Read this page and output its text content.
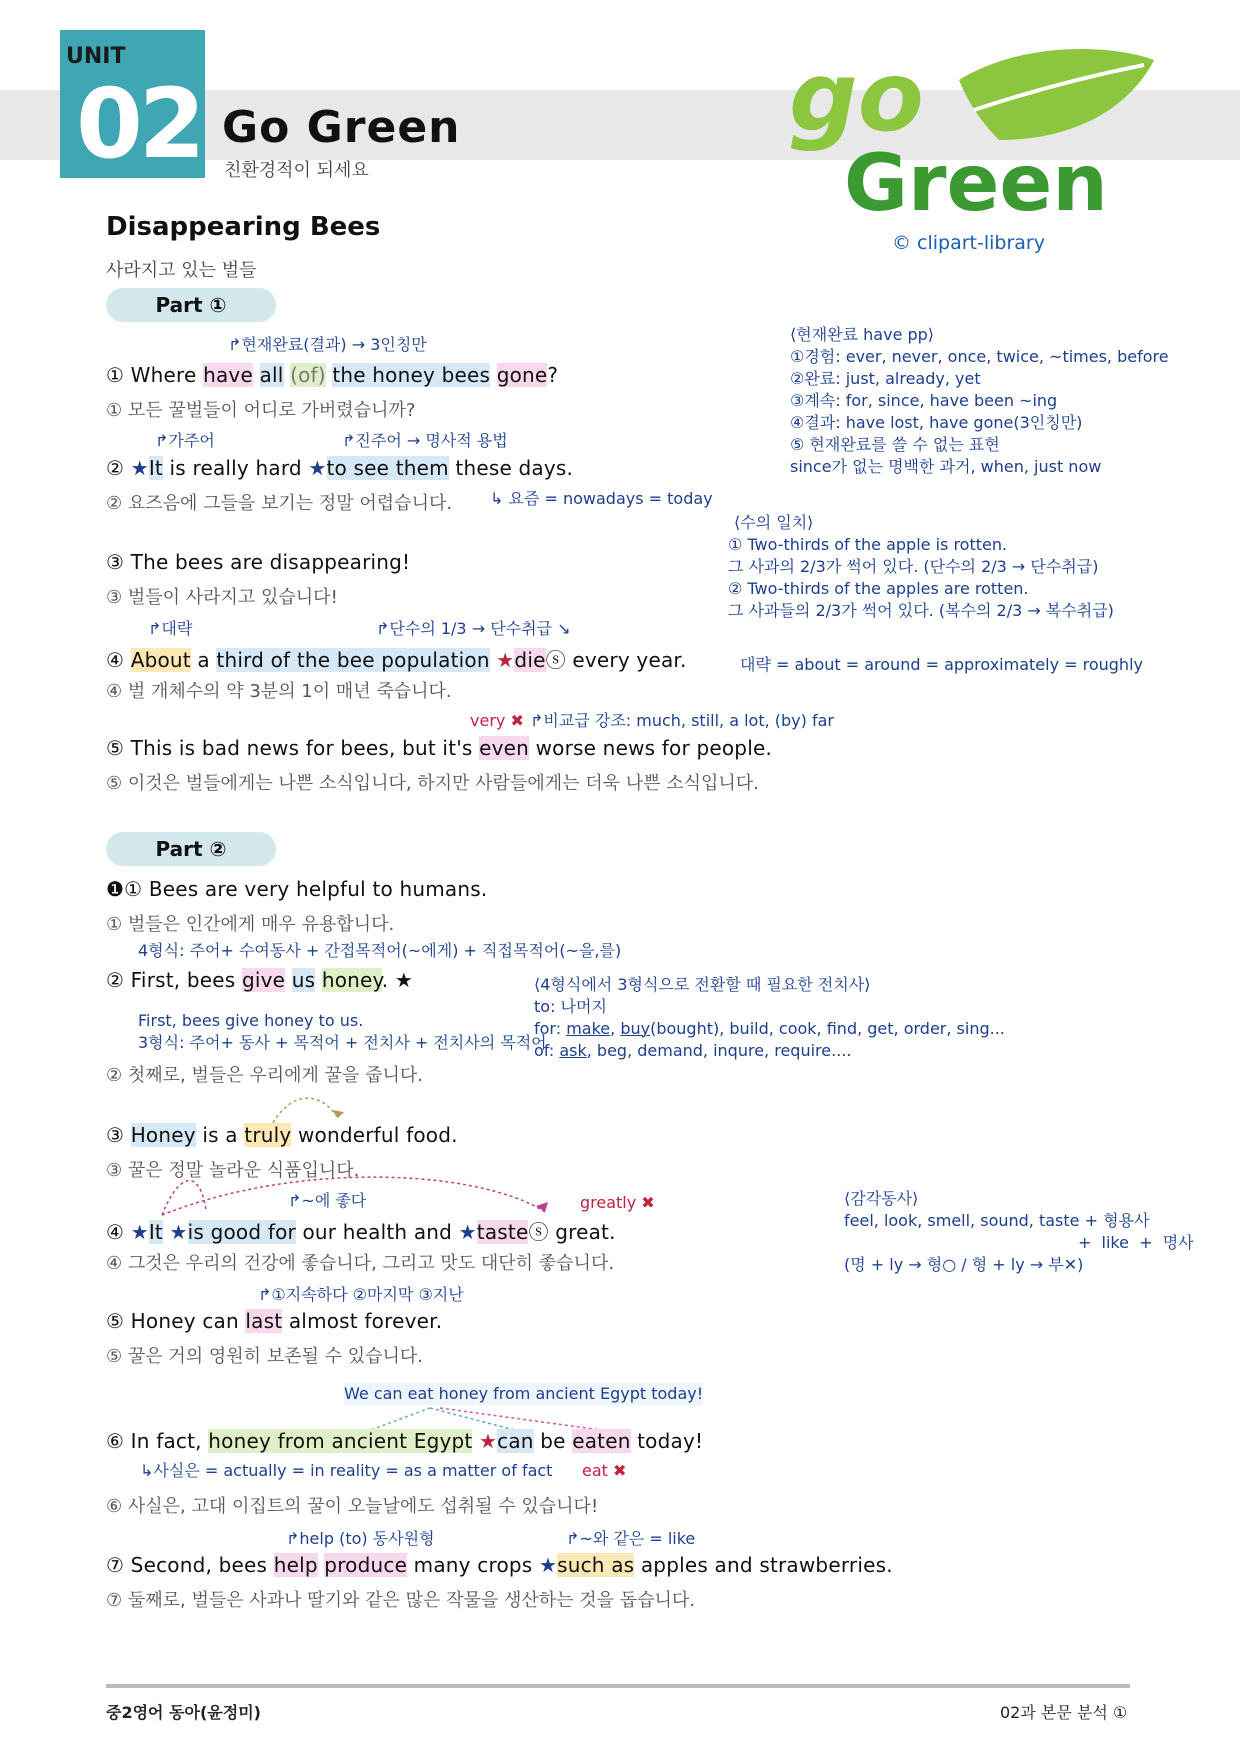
UNIT
02 Go Green
친환경적이 되세요
go
Green
© clipart-library
Disappearing Bees
사라지고 있는 벌들
Part ①
↱현재완료(결과) → 3인칭만
① Where have all (of) the honey bees gone?
① 모든 꿀벌들이 어디로 가버렸습니까?
↱가주어	↱진주어 → 명사적 용법
② ★It is really hard ★to see them these days.
② 요즈음에 그들을 보기는 정말 어렵습니다. ↳ 요즘 = nowadays = today
③ The bees are disappearing!
③ 벌들이 사라지고 있습니다!
↱대략	↱단수의 1/3 → 단수취급 ↘
④ About a third of the bee population ★dieⓢ every year.
④ 벌 개체수의 약 3분의 1이 매년 죽습니다.
very ✖ ↱비교급 강조: much, still, a lot, (by) far
⑤ This is bad news for bees, but it's even worse news for people.
⑤ 이것은 벌들에게는 나쁜 소식입니다, 하지만 사람들에게는 더욱 나쁜 소식입니다.
⟨현재완료 have pp⟩
①경험: ever, never, once, twice, ~times, before
②완료: just, already, yet
③계속: for, since, have been ~ing
④결과: have lost, have gone(3인칭만)
⑤ 현재완료를 쓸 수 없는 표현
since가 없는 명백한 과거, when, just now
⟨수의 일치⟩
① Two-thirds of the apple is rotten.
그 사과의 2/3가 썩어 있다. (단수의 2/3 → 단수취급)
② Two-thirds of the apples are rotten.
그 사과들의 2/3가 썩어 있다. (복수의 2/3 → 복수취급)
대략 = about = around = approximately = roughly
Part ②
❶① Bees are very helpful to humans.
① 벌들은 인간에게 매우 유용합니다.
4형식: 주어+ 수여동사 + 간접목적어(~에게) + 직접목적어(~을,를)
② First, bees give us honey. ★
First, bees give honey to us.
3형식: 주어+ 동사 + 목적어 + 전치사 + 전치사의 목적어
② 첫째로, 벌들은 우리에게 꿀을 줍니다.
⟨4형식에서 3형식으로 전환할 때 필요한 전치사⟩
to: 나머지
for: make, buy(bought), build, cook, find, get, order, sing...
of: ask, beg, demand, inqure, require....
③ Honey is a truly wonderful food.
③ 꿀은 정말 놀라운 식품입니다.
↱~에 좋다	greatly ✖
④ ★It ★is good for our health and ★tasteⓢ great.
④ 그것은 우리의 건강에 좋습니다, 그리고 맛도 대단히 좋습니다.
⟨감각동사⟩
feel, look, smell, sound, taste + 형용사
+  like  +  명사
(명 + ly → 형○ / 형 + ly → 부✕)
↱①지속하다 ②마지막 ③지난
⑤ Honey can last almost forever.
⑤ 꿀은 거의 영원히 보존될 수 있습니다.
We can eat honey from ancient Egypt today!
⑥ In fact, honey from ancient Egypt ★can be eaten today!
↳사실은 = actually = in reality = as a matter of fact eat ✖
⑥ 사실은, 고대 이집트의 꿀이 오늘날에도 섭취될 수 있습니다!
↱help (to) 동사원형	↱~와 같은 = like
⑦ Second, bees help produce many crops ★such as apples and strawberries.
⑦ 둘째로, 벌들은 사과나 딸기와 같은 많은 작물을 생산하는 것을 돕습니다.
중2영어 동아(윤정미)	02과 본문 분석 ①
